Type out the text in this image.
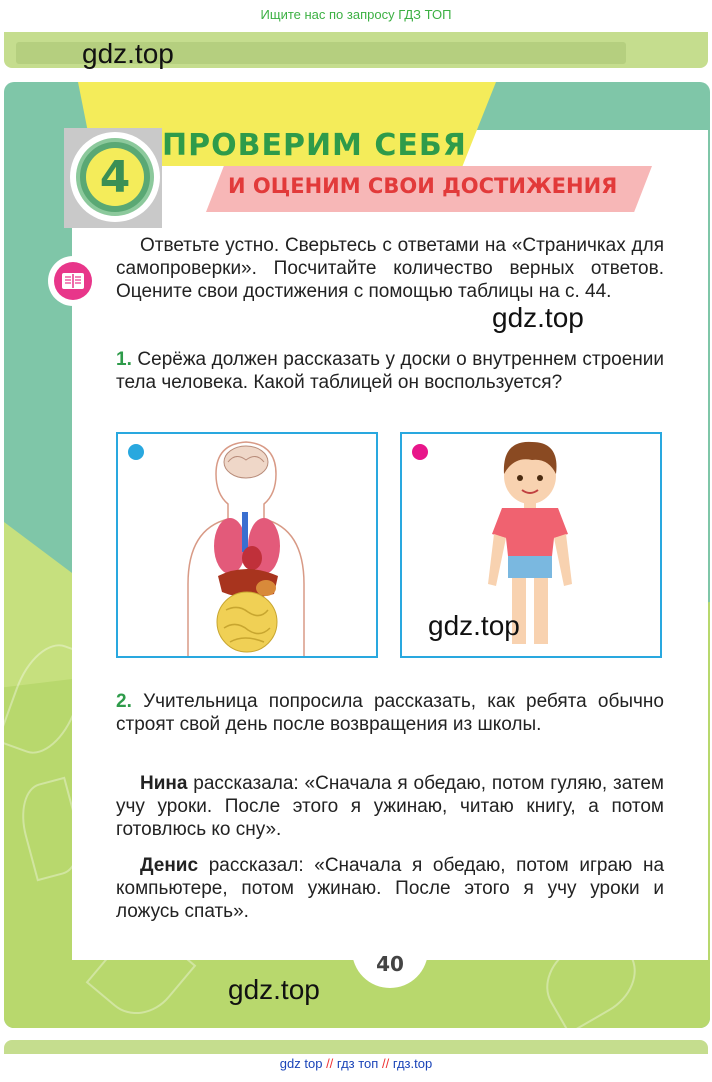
Ищите нас по запросу ГДЗ ТОП
gdz.top
4
ПРОВЕРИМ СЕБЯ
И ОЦЕНИМ СВОИ ДОСТИЖЕНИЯ
Ответьте устно. Сверьтесь с ответами на «Страничках для самопроверки». Посчитайте количество верных ответов. Оцените свои достижения с помощью таблицы на с. 44.
gdz.top
1. Серёжа должен рассказать у доски о внутреннем строении тела человека. Какой таблицей он воспользуется?
gdz.top
2. Учительница попросила рассказать, как ребята обычно строят свой день после возвращения из школы.
Нина рассказала: «Сначала я обедаю, потом гуляю, затем учу уроки. После этого я ужинаю, читаю книгу, а потом готовлюсь ко сну».
Денис рассказал: «Сначала я обедаю, потом играю на компьютере, потом ужинаю. После этого я учу уроки и ложусь спать».
40
gdz.top
gdz top // гдз топ // гдз.top
